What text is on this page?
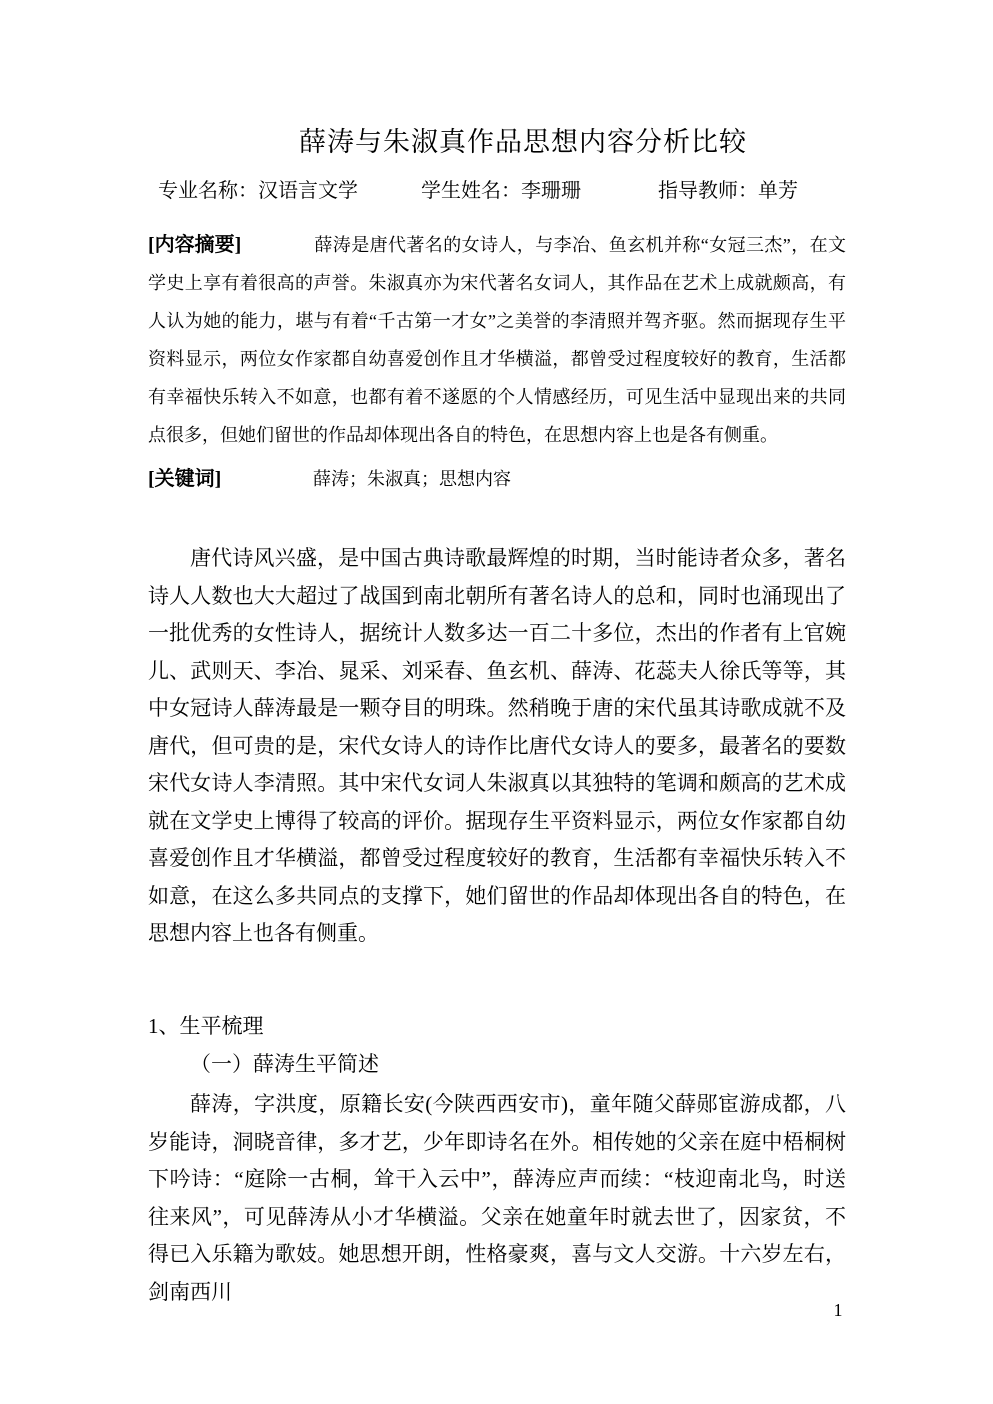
薛涛与朱淑真作品思想内容分析比较
专业名称：汉语言文学	学生姓名：李珊珊	指导教师：单芳
[内容摘要]	薛涛是唐代著名的女诗人，与李冶、鱼玄机并称“女冠三杰”，在文学史上享有着很高的声誉。朱淑真亦为宋代著名女词人，其作品在艺术上成就颇高，有人认为她的能力，堪与有着“千古第一才女”之美誉的李清照并驾齐驱。然而据现存生平资料显示，两位女作家都自幼喜爱创作且才华横溢，都曾受过程度较好的教育，生活都有幸福快乐转入不如意，也都有着不遂愿的个人情感经历，可见生活中显现出来的共同点很多，但她们留世的作品却体现出各自的特色，在思想内容上也是各有侧重。
[关键词]	薛涛；朱淑真；思想内容
唐代诗风兴盛，是中国古典诗歌最辉煌的时期，当时能诗者众多，著名诗人人数也大大超过了战国到南北朝所有著名诗人的总和，同时也涌现出了一批优秀的女性诗人，据统计人数多达一百二十多位，杰出的作者有上官婉儿、武则天、李冶、晁采、刘采春、鱼玄机、薛涛、花蕊夫人徐氏等等，其中女冠诗人薛涛最是一颗夺目的明珠。然稍晚于唐的宋代虽其诗歌成就不及唐代，但可贵的是，宋代女诗人的诗作比唐代女诗人的要多，最著名的要数宋代女诗人李清照。其中宋代女词人朱淑真以其独特的笔调和颇高的艺术成就在文学史上博得了较高的评价。据现存生平资料显示，两位女作家都自幼喜爱创作且才华横溢，都曾受过程度较好的教育，生活都有幸福快乐转入不如意，在这么多共同点的支撑下，她们留世的作品却体现出各自的特色，在思想内容上也各有侧重。
1、生平梳理
（一）薛涛生平简述
薛涛，字洪度，原籍长安(今陕西西安市)，童年随父薛郧宦游成都，八岁能诗，洞晓音律，多才艺，少年即诗名在外。相传她的父亲在庭中梧桐树下吟诗：“庭除一古桐，耸干入云中”，薛涛应声而续：“枝迎南北鸟，时送往来风”，可见薛涛从小才华横溢。父亲在她童年时就去世了，因家贫，不得已入乐籍为歌妓。她思想开朗，性格豪爽，喜与文人交游。十六岁左右，剑南西川
1
